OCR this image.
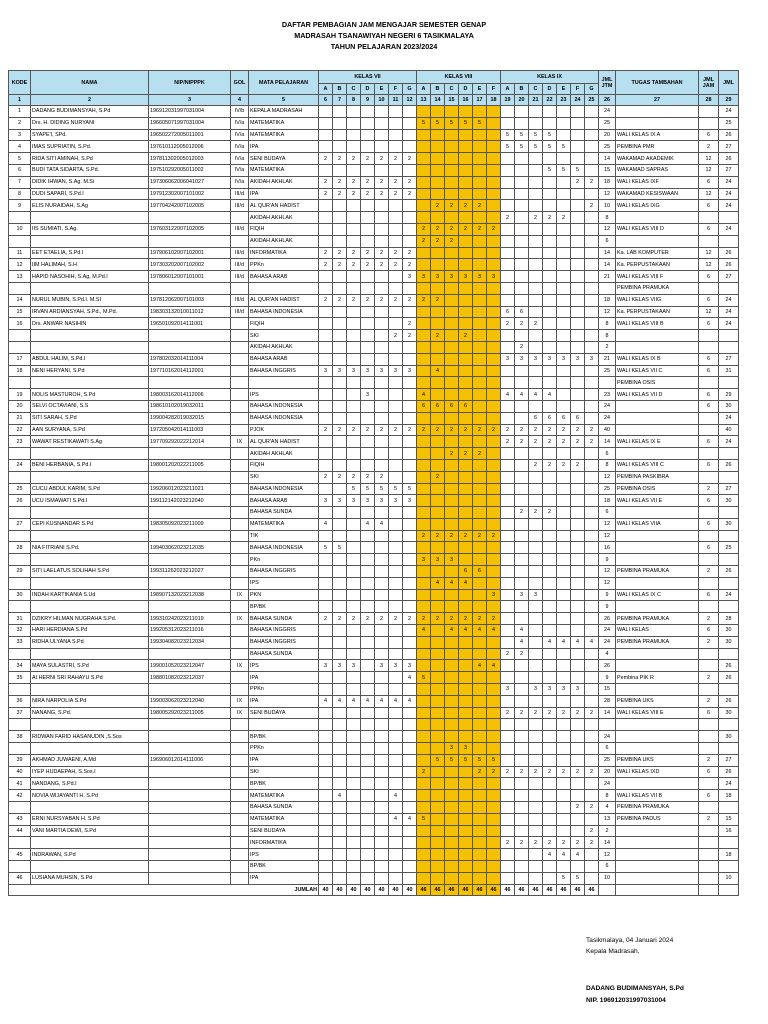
DAFTAR PEMBAGIAN JAM MENGAJAR SEMESTER GENAP
MADRASAH TSANAWIYAH NEGERI 6 TASIKMALAYA
TAHUN PELAJARAN 2023/2024
KODE	NAMA	NIP/NIPPPK	GOL	MATA PELAJARAN	KELAS VII							KELAS VIII						KELAS IX							JML JTM	TUGAS TAMBAHAN	JML JAM	JML
					A	B	C	D	E	F	G	A	B	C	D	E	F	A	B	C	D	E	F	G				
1	2	3	4	5	6	7	8	9	10	11	12	13	14	15	16	17	18	19	20	21	22	23	24	25	26	27	28	29
1	DADANG BUDIMANSYAH, S.Pd	196912031997031004	IV/b	KEPALA MADRASAH																					24			24
2	Drs. H. DIDING NURYANI	196605071997031004	IV/a	MATEMATIKA								5	5	5	5	5									25			25
3	SYAPE'I, SPd.	196502272005011001	IV/a	MATEMATIKA														5	5	5	5				20	WALI KELAS IX A	6	26
4	IMAS SUPRIATIN, S.Pd.	197610112005012006	IV/a	IPA														5	5	5	5	5			25	PEMBINA PMR	2	27
5	RIDA SITI AMINAH, S.Pd	197811302005012003	IV/a	SENI BUDAYA	2	2	2	2	2	2	2														14	WAKAMAD AKADEMIK	12	26
6	BUDI TATA SIDARTA, S.Pd.	197510292005011002	IV/a	MATEMATIKA																	5	5	5		15	WAKAMAD SAPRAS	12	27
7	DIDIK IHWAN, S.Ag. M.Si	197306062006041027	IV/a	AKIDAH AKHLAK	2	2	2	2	2	2	2												2	2	18	WALI KELAS IXF	6	24
8	DUDI SAPARI, S.Pd.I	197912302007101002	III/d	IPA	2	2	2	2	2	2	2														12	WAKAMAD KESISWAAN	12	24
9	ELIS NURAIDAH, S.Ag	197704242007102005	III/d	AL QUR'AN HADIST									2	2	2	2								2	10	WALI KELAS IXG	6	24
				AKIDAH AKHLAK														2		2	2	2			8			
10	IIS SUMIATI, S.Ag.	197603122007102005	III/d	FIQIH								2	2	2	2	2	2								12	WALI KELAS VIII D	6	24
				AKIDAH AKHLAK								2	2	2											6			
11	EET ETAELIA, S.Pd.I	197906102007102001	III/d	INFORMATIKA	2	2	2	2	2	2	2														14	Ka. LAB KOMPUTER	12	26
12	IIM HALIMAH, S.H	197303202007102002	III/d	PPKn	2	2	2	2	2	2	2														14	Ka. PERPUSTAKAAN	12	26
13	HAPID NASOHIH, S.Ag, M.Pd.I	197806012007101001	III/d	BAHASA ARAB							3	3	3	3	3	3	3								21	WALI KELAS VIII F	6	27
																										PEMBINA PRAMUKA		
14	NURUL MUBIN, S.Pd.I. M.SI	197812062007101003	III/d	AL QUR'AN HADIST	2	2	2	2	2	2	2	2	2												18	WALI KELAS VIIG	6	24
15	IRVAN ARDIANSYAH, S.Pd., M.Pd.	198303132010011012	III/d	BAHASA INDONESIA														6	6						12	Ka. PERPUSTAKAAN	12	24
16	Drs. ANWAR NASIHIN	196501092014111001		FIQIH							2							2	2	2					8	WALI KELAS VIII B	6	24
				SKI						2	2		2		2										8			
				AKIDAH AKHLAK															2						2			
17	ABDUL HALIM, S.Pd.I	197802032014111004		BAHASA ARAB														3	3	3	3	3	3	3	21	WALI KELAS IX B	6	27
18	NENI HERYANI, S.Pd	197710162014112001		BAHASA INGGRIS	3	3	3	3	3	3	3		4												25	WALI KELAS VII C	6	31
																										PEMBINA OSIS		
19	NOLIS MASTUROH, S.Pd	198003162014112006		IPS				3				4						4	4	4	4				23	WALI KELAS VII D	6	29
20	SELVI OCTAVIANI, S.S	198610102019032011		BAHASA INDONESIA								6	6	6	6										24		6	30
21	SITI SARAH, S.Pd	199004282019032015		BAHASA INDONESIA																6	6	6	6		24			24
22	AAN SURYANA, S.Pd	197205042014111003		PJOK	2	2	2	2	2	2	2	2	2	2	2	2	2	2	2	2	2	2	2	2	40			40
23	WAWAT RESTIKAWATI S.Ag	197709292022212014	IX	AL QUR'AN HADIST														2	2	2	2	2	2	2	14	WALI KELAS IX E	6	24
				AKIDAH AKHLAK										2	2	2									6			
24	BENI HERBANIA, S.Pd.I	198001202022211005		FIQIH																2	2	2	2		8	WALI KELAS VIII C	6	26
				SKI	2	2	2	2	2				2												12	PEMBINA PASKIBRA		
25	CUCU ABDUL KARIM, S.Pd	199206012023211021		BAHASA INDONESIA			5	5	5	5	5														25	PEMBINA OSIS	2	27
26	UCU ISMAWATI S.Pd.I	199112142023212040		BAHASA ARAB	3	3	3	3	3	3	3														18	WALI KELAS VII E	6	30
				BAHASA SUNDA															2	2	2				6			
27	CEPI KUSNANDAR S.Pd	198305092023211009		MATEMATIKA	4			4	4																12	WALI KELAS VIIA	6	30
				TIK								2	2	2	2	2	2								12			
28	NIA FITRIANI S.Pd.	199403062023212035		BAHASA INDONESIA	5	5																			16		6	25
				PKn								3	3	3											9			
29	SITI LAELATUS SOLIHAH S.Pd	199311262023212027		BAHASA INGGRIS											6	6									12	PEMBINA PRAMUKA	2	26
				IPS									4	4	4										12			
30	INDAH KARTIKANIA S.Ud	198907132023212038	IX	PKN													3		3	3					9	WALI KELAS IX C	6	24
				BP/BK																					9			
31	DZIKRY HILMAN NUGRAHA S.Pd.	199310242023211019	IX	BAHASA SUNDA	2	2	2	2	2	2	2	2	2	2	2	2	2								26	PEMBINA PRAMUKA	2	28
32	HARI HERDIANA S.Pd	199205312023211016		BAHASA INGGRIS								4		4	4	4	4		4						24	WALI KELAS	6	30
33	RIDHA ULYANA S.Pd	199304082023212034		BAHASA INGGRIS															4		4	4	4	4	24	PEMBINA PRAMUKA	2	30
				BAHASA SUNDA														2	2						4			
34	MAYA SULASTRI, S.Pd	199001052023212047	IX	IPS	3	3	3		3	3	3					4	4								26			26
35	AI HERNI SRI RAHAYU S.Pd	198801082023212037		IPA							4	5													9	Pembina PIK R	2	26
				PPKn														3		3	3	3	3		15			
36	NIRA NARPOLIA S.Pd	199003062023212040	IX	IPA	4	4	4	4	4	4	4														28	PEMBINA UKS	2	26
37	NANANG, S.Pd.	198005292023211005	IX	SENI BUDAYA														2	2	2	2	2	2	2	14	WALI KELAS VIII E	6	30

38	RIDWAN FARID HASANUDIN ,S.Sos			BP/BK																					24			30
				PPKn										3	3										6			
39	AKHMAD JUWAENI, A.Md	196906012014111006		IPA									5	5	5	5	5								25	PEMBINA UKS	2	27
40	IYEP HUDAEPAH, S.Sos.I			SKI								2				2	2	2	2	2	2	2	2	2	20	WALI KELAS IXD	6	26
41	NANDANG, S.Pd.I			BP/BK																					24			24
42	NOVIA WIJAYANTI H. S.Pd			MATEMATIKA		4				4															8	WALI KELAS VII B	6	18
				BAHASA SUNDA																			2	2	4	PEMBINA PRAMUKA		
43	ERNI NURSYABAN H. S.Pd			MATEMATIKA						4	4	5													13	PEMBINA PADUS	2	15
44	VANI MARTIA DEWI, S.Pd			SENI BUDAYA																				2	2			16
				INFORMATIKA														2	2	2	2	2	2	2	14			
45	INDRAWAN, S.Pd			IPS																	4	4	4		12			18
				BP/BK																					6			
46	LUSIANA MUHSIN, S.Pd			IPA																		5	5		10			10
JUMLAH					40	40	40	40	40	40	40	46	46	46	46	46	46	46	46	46	46	46	46	46				
Tasikmalaya, 04 Januari 2024
Kepala Madrasah,
DADANG BUDIMANSYAH, S.Pd
NIP. 196912031997031004
